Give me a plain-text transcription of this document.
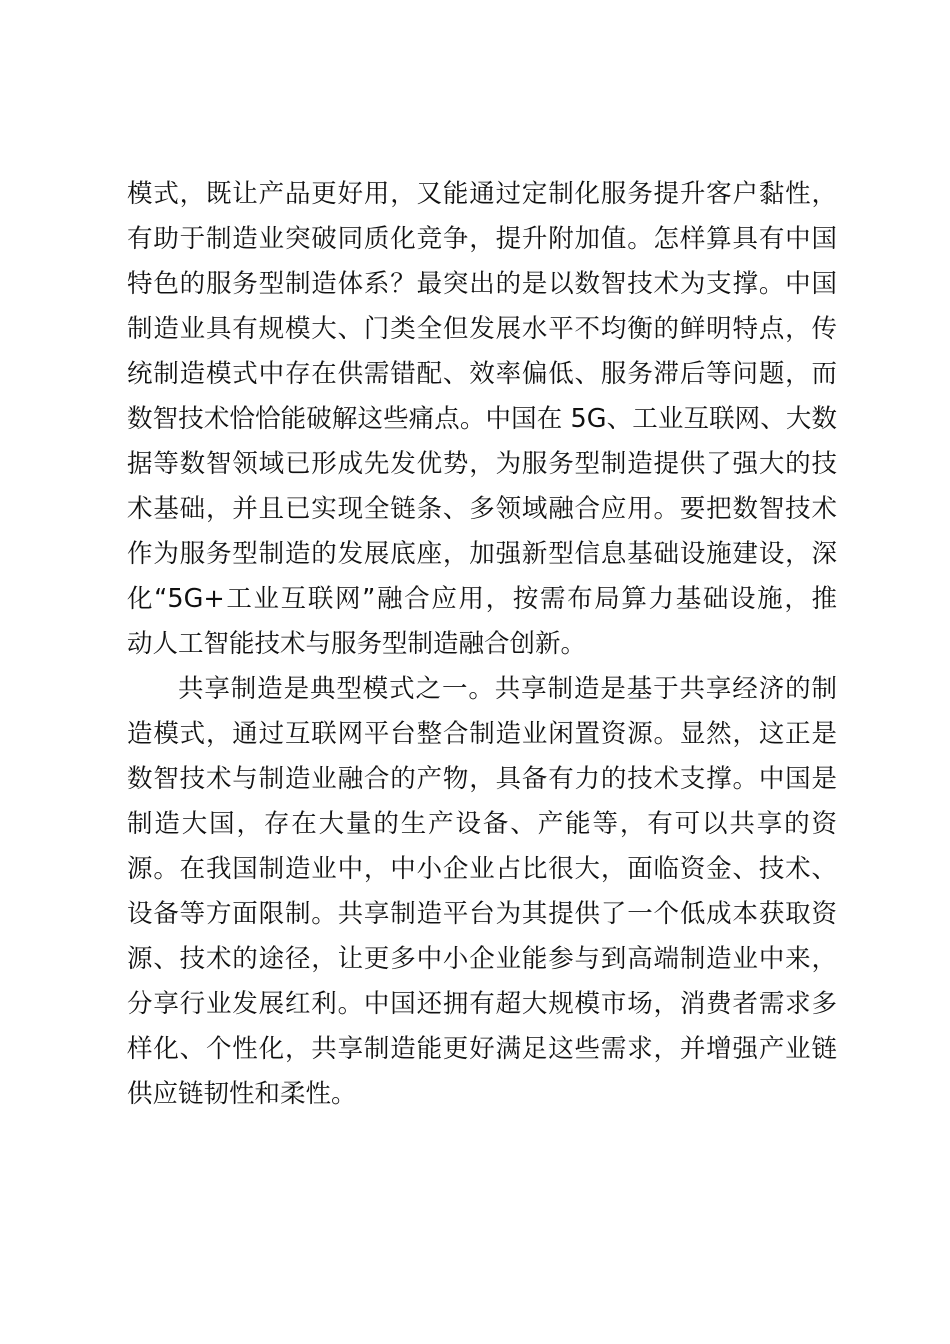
模式，既让产品更好用，又能通过定制化服务提升客户黏性，
有助于制造业突破同质化竞争，提升附加值。怎样算具有中国
特色的服务型制造体系？最突出的是以数智技术为支撑。中国
制造业具有规模大、门类全但发展水平不均衡的鲜明特点，传
统制造模式中存在供需错配、效率偏低、服务滞后等问题，而
数智技术恰恰能破解这些痛点。中国在 5G、工业互联网、大数
据等数智领域已形成先发优势，为服务型制造提供了强大的技
术基础，并且已实现全链条、多领域融合应用。要把数智技术
作为服务型制造的发展底座，加强新型信息基础设施建设，深
化“5G+工业互联网”融合应用，按需布局算力基础设施，推
动人工智能技术与服务型制造融合创新。
共享制造是典型模式之一。共享制造是基于共享经济的制
造模式，通过互联网平台整合制造业闲置资源。显然，这正是
数智技术与制造业融合的产物，具备有力的技术支撑。中国是
制造大国，存在大量的生产设备、产能等，有可以共享的资
源。在我国制造业中，中小企业占比很大，面临资金、技术、
设备等方面限制。共享制造平台为其提供了一个低成本获取资
源、技术的途径，让更多中小企业能参与到高端制造业中来，
分享行业发展红利。中国还拥有超大规模市场，消费者需求多
样化、个性化，共享制造能更好满足这些需求，并增强产业链
供应链韧性和柔性。
